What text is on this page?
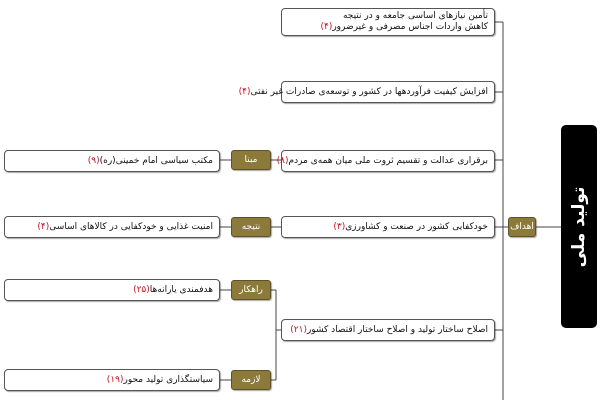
تولید ملی
اهداف
تأمین نیازهای اساسی جامعه و در نتیجه
کاهش واردات اجناس مصرفی و غیرضرور(۴)
افزایش کیفیت فرآوردهها در کشور و توسعه‌ی صادرات غیر نفتی
(۴)
برقراری عدالت و تقسیم ثروت ملی میان همه‌ی مردم
(۸)
خودکفایی کشور در صنعت و کشاورزی
(۳)
اصلاح ساختار تولید و اصلاح ساختار اقتصاد کشور
(۲۱)
مبنا
نتیجه
راهکار
لازمه
مکتب سیاسی امام خمینی
(ره)
(۹)
امنیت غذایی و خودکفایی در کالاهای اساسی
(۴)
هدفمندی یارانه‌ها
(۲۵)
سیاستگذاری تولید محور
(۱۹)
